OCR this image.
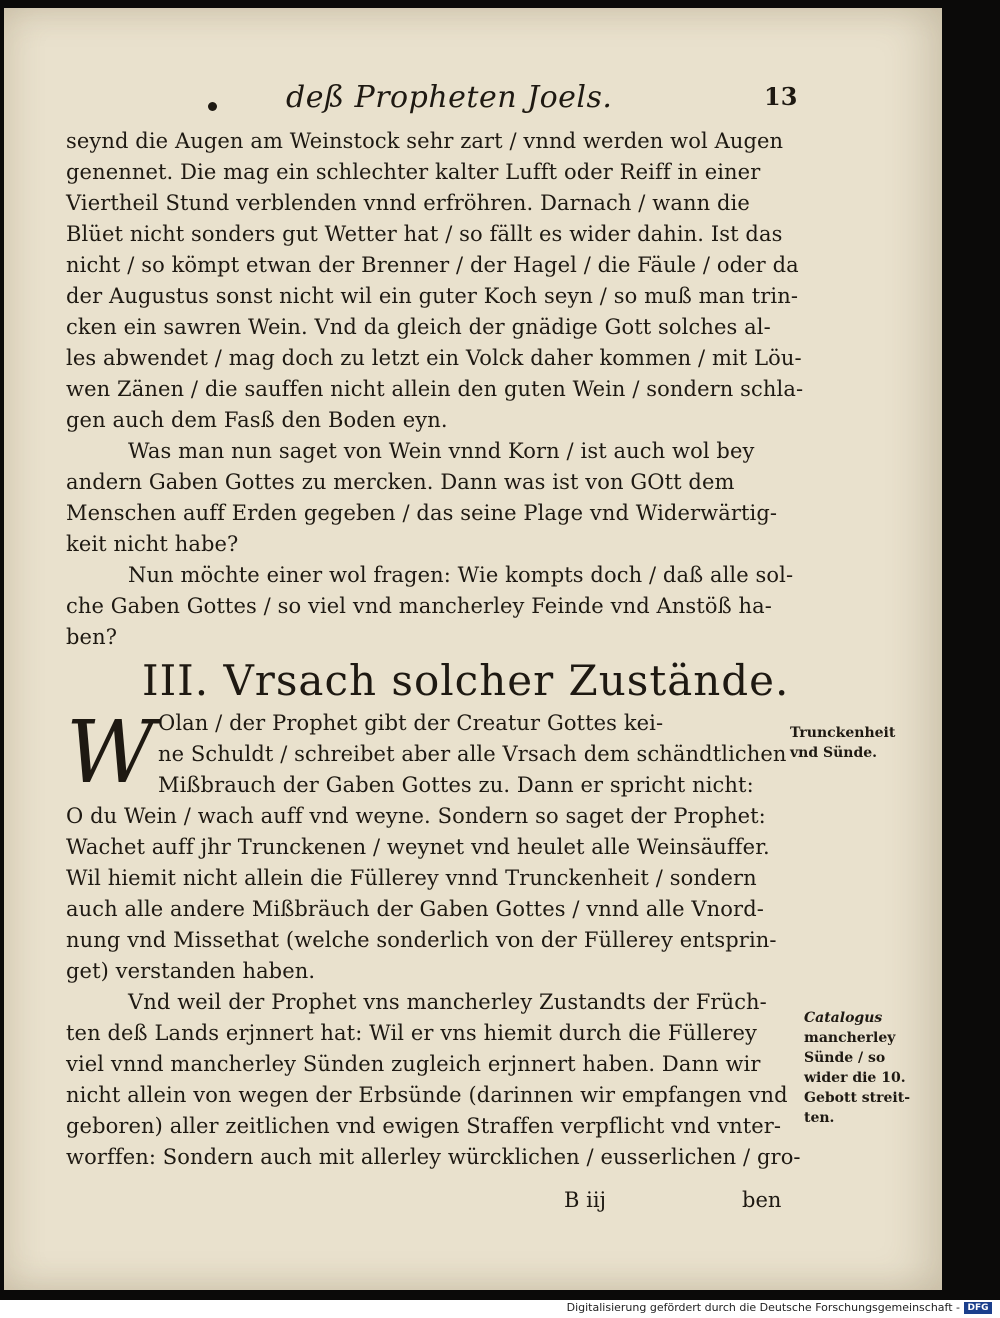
deß Propheten Joels.	13
seynd die Augen am Weinstock sehr zart / vnnd werden wol Augen
genennet. Die mag ein schlechter kalter Lufft oder Reiff in einer
Viertheil Stund verblenden vnnd erfröhren. Darnach / wann die
Blüet nicht sonders gut Wetter hat / so fällt es wider dahin. Ist das
nicht / so kömpt etwan der Brenner / der Hagel / die Fäule / oder da
der Augustus sonst nicht wil ein guter Koch seyn / so muß man trin-
cken ein sawren Wein. Vnd da gleich der gnädige Gott solches al-
les abwendet / mag doch zu letzt ein Volck daher kommen / mit Löu-
wen Zänen / die sauffen nicht allein den guten Wein / sondern schla-
gen auch dem Fasß den Boden eyn.
Was man nun saget von Wein vnnd Korn / ist auch wol bey
andern Gaben Gottes zu mercken. Dann was ist von GOtt dem
Menschen auff Erden gegeben / das seine Plage vnd Widerwärtig-
keit nicht habe?
Nun möchte einer wol fragen: Wie kompts doch / daß alle sol-
che Gaben Gottes / so viel vnd mancherley Feinde vnd Anstöß ha-
ben?
III. Vrsach solcher Zustände.
W Olan / der Prophet gibt der Creatur Gottes kei-
ne Schuldt / schreibet aber alle Vrsach dem schändtlichen
Mißbrauch der Gaben Gottes zu. Dann er spricht nicht:
O du Wein / wach auff vnd weyne. Sondern so saget der Prophet:
Wachet auff jhr Trunckenen / weynet vnd heulet alle Weinsäuffer.
Wil hiemit nicht allein die Füllerey vnnd Trunckenheit / sondern
auch alle andere Mißbräuch der Gaben Gottes / vnnd alle Vnord-
nung vnd Missethat (welche sonderlich von der Füllerey entsprin-
get) verstanden haben.
Vnd weil der Prophet vns mancherley Zustandts der Früch-
ten deß Lands erjnnert hat: Wil er vns hiemit durch die Füllerey
viel vnnd mancherley Sünden zugleich erjnnert haben. Dann wir
nicht allein von wegen der Erbsünde (darinnen wir empfangen vnd
geboren) aller zeitlichen vnd ewigen Straffen verpflicht vnd vnter-
worffen: Sondern auch mit allerley würcklichen / eusserlichen / gro-
Trunckenheit
vnd Sünde.
Catalogus
mancherley
Sünde / so
wider die 10.
Gebott streit-
ten.
B iij	ben
Digitalisierung gefördert durch die Deutsche Forschungsgemeinschaft - DFG
